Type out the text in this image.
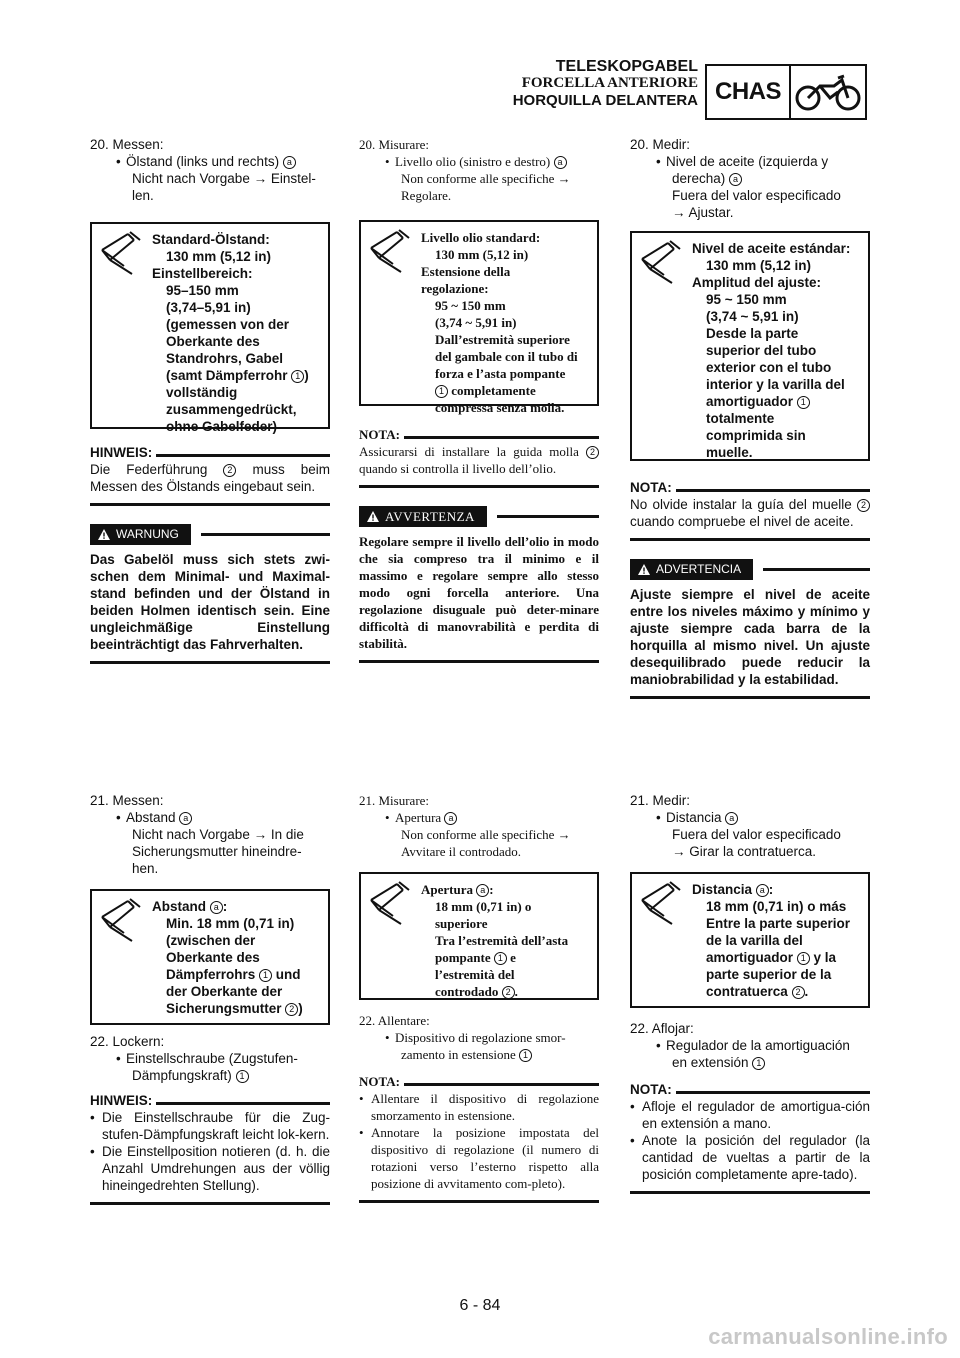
TELESKOPGABEL
FORCELLA ANTERIORE
HORQUILLA DELANTERA CHAS
20. Messen:
• Ölstand (links und rechts) a
Nicht nach Vorgabe → Einstel-
len.
Standard-Ölstand:
130 mm (5,12 in)
Einstellbereich:
95–150 mm
(3,74–5,91 in)
(gemessen von der
Oberkante des
Standrohrs, Gabel
(samt Dämpferrohr 1 )
vollständig
zusammengedrückt,
ohne Gabelfeder)
HINWEIS:
Die Federführung 2 muss beim Messen des Ölstands eingebaut sein.
WARNUNG
Das Gabelöl muss sich stets zwi-schen dem Minimal- und Maximal-stand befinden und der Ölstand in beiden Holmen identisch sein. Eine ungleichmäßige Einstellung beeinträchtigt das Fahrverhalten.
21. Messen:
• Abstand a
Nicht nach Vorgabe → In die
Sicherungsmutter hineindre-
hen.
Abstand a :
Min. 18 mm (0,71 in)
(zwischen der
Oberkante des
Dämpferrohrs 1 und
der Oberkante der
Sicherungsmutter 2 )
22. Lockern:
• Einstellschraube (Zugstufen-
Dämpfungskraft) 1
HINWEIS:
• Die Einstellschraube für die Zug-stufen-Dämpfungskraft leicht lok-kern.
• Die Einstellposition notieren (d. h. die Anzahl Umdrehungen aus der völlig hineingedrehten Stellung).
20. Misurare:
• Livello olio (sinistro e destro) a
Non conforme alle specifiche →
Regolare.
Livello olio standard:
130 mm (5,12 in)
Estensione della
regolazione:
95 ~ 150 mm
(3,74 ~ 5,91 in)
Dall’estremità superiore
del gambale con il tubo di
forza e l’asta pompante
1 completamente
compressa senza molla.
NOTA:
Assicurarsi di installare la guida molla 2 quando si controlla il livello dell’olio.
AVVERTENZA
Regolare sempre il livello dell’olio in modo che sia compreso tra il minimo e il massimo e regolare sempre allo stesso modo ogni forcella anteriore. Una regolazione disuguale può deter-minare difficoltà di manovrabilità e perdita di stabilità.
21. Misurare:
• Apertura a
Non conforme alle specifiche →
Avvitare il controdado.
Apertura a :
18 mm (0,71 in) o
superiore
Tra l’estremità dell’asta
pompante 1 e
l’estremità del
controdado 2 .
22. Allentare:
• Dispositivo di regolazione smor-
zamento in estensione 1
NOTA:
• Allentare il dispositivo di regolazione smorzamento in estensione.
• Annotare la posizione impostata del dispositivo di regolazione (il numero di rotazioni verso l’esterno rispetto alla posizione di avvitamento com-pleto).
20. Medir:
• Nivel de aceite (izquierda y
derecha) a
Fuera del valor especificado
→ Ajustar.
Nivel de aceite estándar:
130 mm (5,12 in)
Amplitud del ajuste:
95 ~ 150 mm
(3,74 ~ 5,91 in)
Desde la parte
superior del tubo
exterior con el tubo
interior y la varilla del
amortiguador 1
totalmente
comprimida sin
muelle.
NOTA:
No olvide instalar la guía del muelle 2 cuando compruebe el nivel de aceite.
ADVERTENCIA
Ajuste siempre el nivel de aceite entre los niveles máximo y mínimo y ajuste siempre cada barra de la horquilla al mismo nivel. Un ajuste desequilibrado puede reducir la maniobrabilidad y la estabilidad.
21. Medir:
• Distancia a
Fuera del valor especificado
→ Girar la contratuerca.
Distancia a :
18 mm (0,71 in) o más
Entre la parte superior
de la varilla del
amortiguador 1 y la
parte superior de la
contratuerca 2 .
22. Aflojar:
• Regulador de la amortiguación
en extensión 1
NOTA:
• Afloje el regulador de amortigua-ción en extensión a mano.
• Anote la posición del regulador (la cantidad de vueltas a partir de la posición completamente apre-tado).
6 - 84
carmanualsonline.info
